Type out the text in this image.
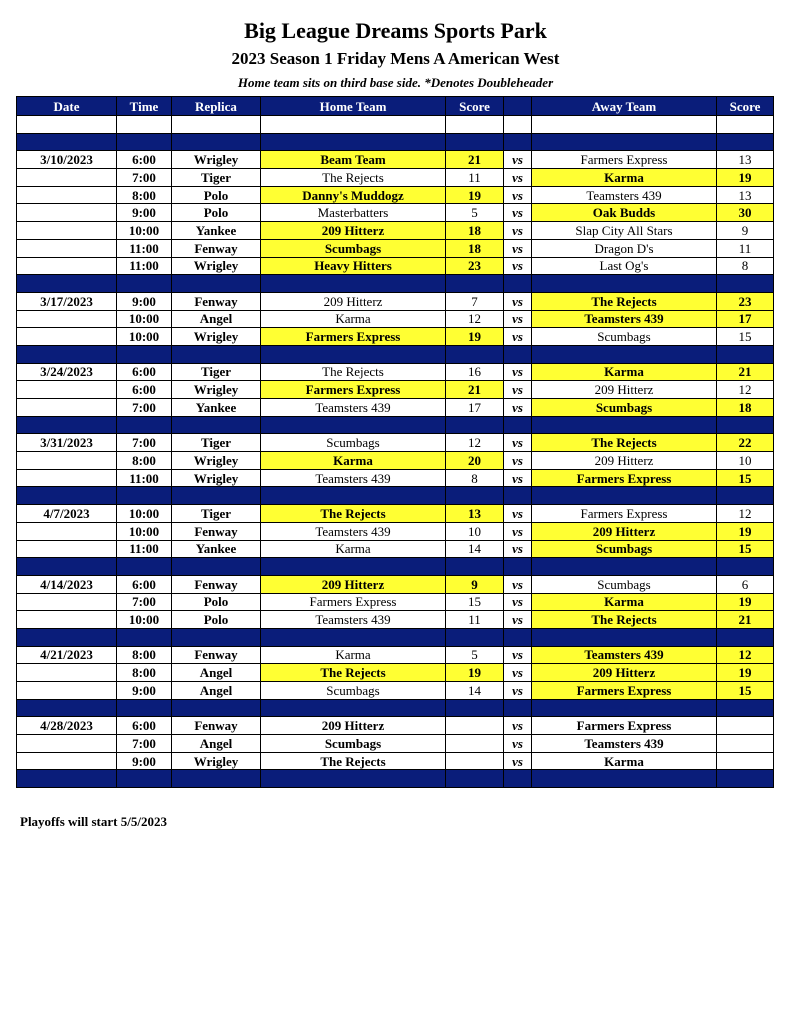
Big League Dreams Sports Park
2023 Season 1 Friday Mens A American West
Home team sits on third base side. *Denotes Doubleheader
Date	Time	Replica	Home Team	Score		Away Team	Score

3/10/2023	6:00	Wrigley	Beam Team	21	vs	Farmers Express	13
	7:00	Tiger	The Rejects	11	vs	Karma	19
	8:00	Polo	Danny's Muddogz	19	vs	Teamsters 439	13
	9:00	Polo	Masterbatters	5	vs	Oak Budds	30
	10:00	Yankee	209 Hitterz	18	vs	Slap City All Stars	9
	11:00	Fenway	Scumbags	18	vs	Dragon D's	11
	11:00	Wrigley	Heavy Hitters	23	vs	Last Og's	8

3/17/2023	9:00	Fenway	209 Hitterz	7	vs	The Rejects	23
	10:00	Angel	Karma	12	vs	Teamsters 439	17
	10:00	Wrigley	Farmers Express	19	vs	Scumbags	15

3/24/2023	6:00	Tiger	The Rejects	16	vs	Karma	21
	6:00	Wrigley	Farmers Express	21	vs	209 Hitterz	12
	7:00	Yankee	Teamsters 439	17	vs	Scumbags	18

3/31/2023	7:00	Tiger	Scumbags	12	vs	The Rejects	22
	8:00	Wrigley	Karma	20	vs	209 Hitterz	10
	11:00	Wrigley	Teamsters 439	8	vs	Farmers Express	15

4/7/2023	10:00	Tiger	The Rejects	13	vs	Farmers Express	12
	10:00	Fenway	Teamsters 439	10	vs	209 Hitterz	19
	11:00	Yankee	Karma	14	vs	Scumbags	15

4/14/2023	6:00	Fenway	209 Hitterz	9	vs	Scumbags	6
	7:00	Polo	Farmers Express	15	vs	Karma	19
	10:00	Polo	Teamsters 439	11	vs	The Rejects	21

4/21/2023	8:00	Fenway	Karma	5	vs	Teamsters 439	12
	8:00	Angel	The Rejects	19	vs	209 Hitterz	19
	9:00	Angel	Scumbags	14	vs	Farmers Express	15

4/28/2023	6:00	Fenway	209 Hitterz		vs	Farmers Express	
	7:00	Angel	Scumbags		vs	Teamsters 439	
	9:00	Wrigley	The Rejects		vs	Karma	

Playoffs will start 5/5/2023
